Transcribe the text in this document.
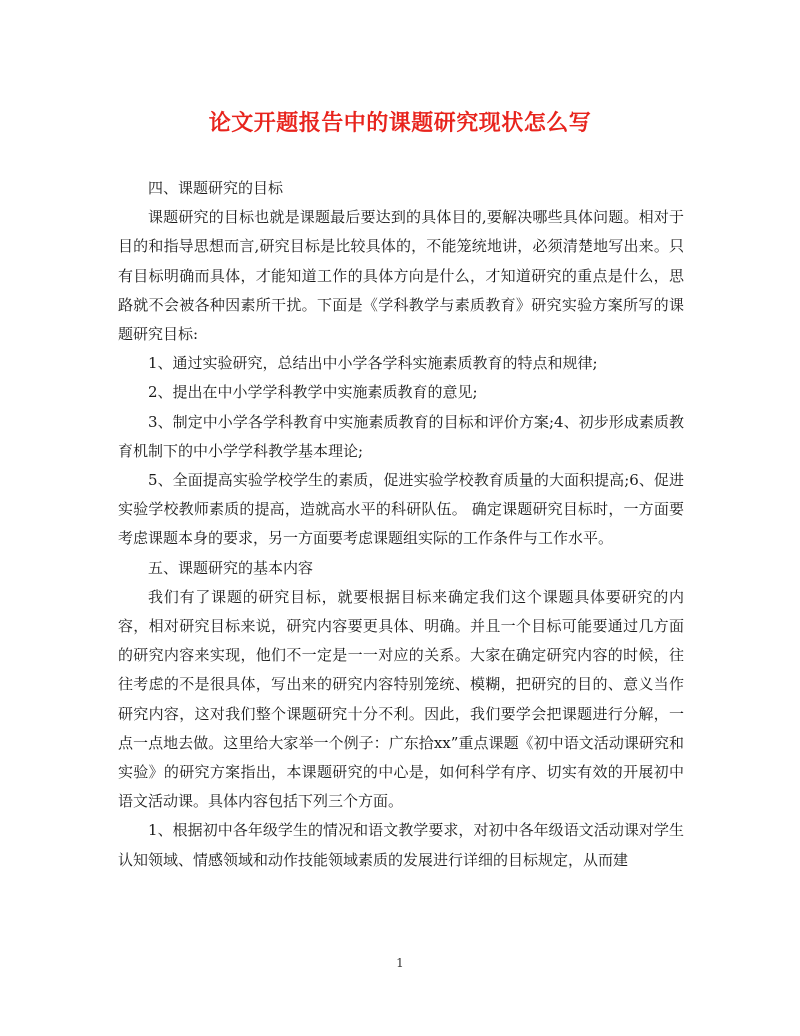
论文开题报告中的课题研究现状怎么写

四、课题研究的目标

课题研究的目标也就是课题最后要达到的具体目的,要解决哪些具体问题。相对于目的和指导思想而言,研究目标是比较具体的，不能笼统地讲，必须清楚地写出来。只有目标明确而具体，才能知道工作的具体方向是什么，才知道研究的重点是什么，思路就不会被各种因素所干扰。下面是《学科教学与素质教育》研究实验方案所写的课题研究目标:

1、通过实验研究，总结出中小学各学科实施素质教育的特点和规律;

2、提出在中小学学科教学中实施素质教育的意见;

3、制定中小学各学科教育中实施素质教育的目标和评价方案;4、初步形成素质教育机制下的中小学学科教学基本理论;

5、全面提高实验学校学生的素质，促进实验学校教育质量的大面积提高;6、促进实验学校教师素质的提高，造就高水平的科研队伍。 确定课题研究目标时，一方面要考虑课题本身的要求，另一方面要考虑课题组实际的工作条件与工作水平。

五、课题研究的基本内容

我们有了课题的研究目标，就要根据目标来确定我们这个课题具体要研究的内容，相对研究目标来说，研究内容要更具体、明确。并且一个目标可能要通过几方面的研究内容来实现，他们不一定是一一对应的关系。大家在确定研究内容的时候，往往考虑的不是很具体，写出来的研究内容特别笼统、模糊，把研究的目的、意义当作研究内容，这对我们整个课题研究十分不利。因此，我们要学会把课题进行分解，一点一点地去做。这里给大家举一个例子：广东拾xx”重点课题《初中语文活动课研究和实验》的研究方案指出，本课题研究的中心是，如何科学有序、切实有效的开展初中语文活动课。具体内容包括下列三个方面。

1、根据初中各年级学生的情况和语文教学要求，对初中各年级语文活动课对学生认知领域、情感领域和动作技能领域素质的发展进行详细的目标规定，从而建

1
